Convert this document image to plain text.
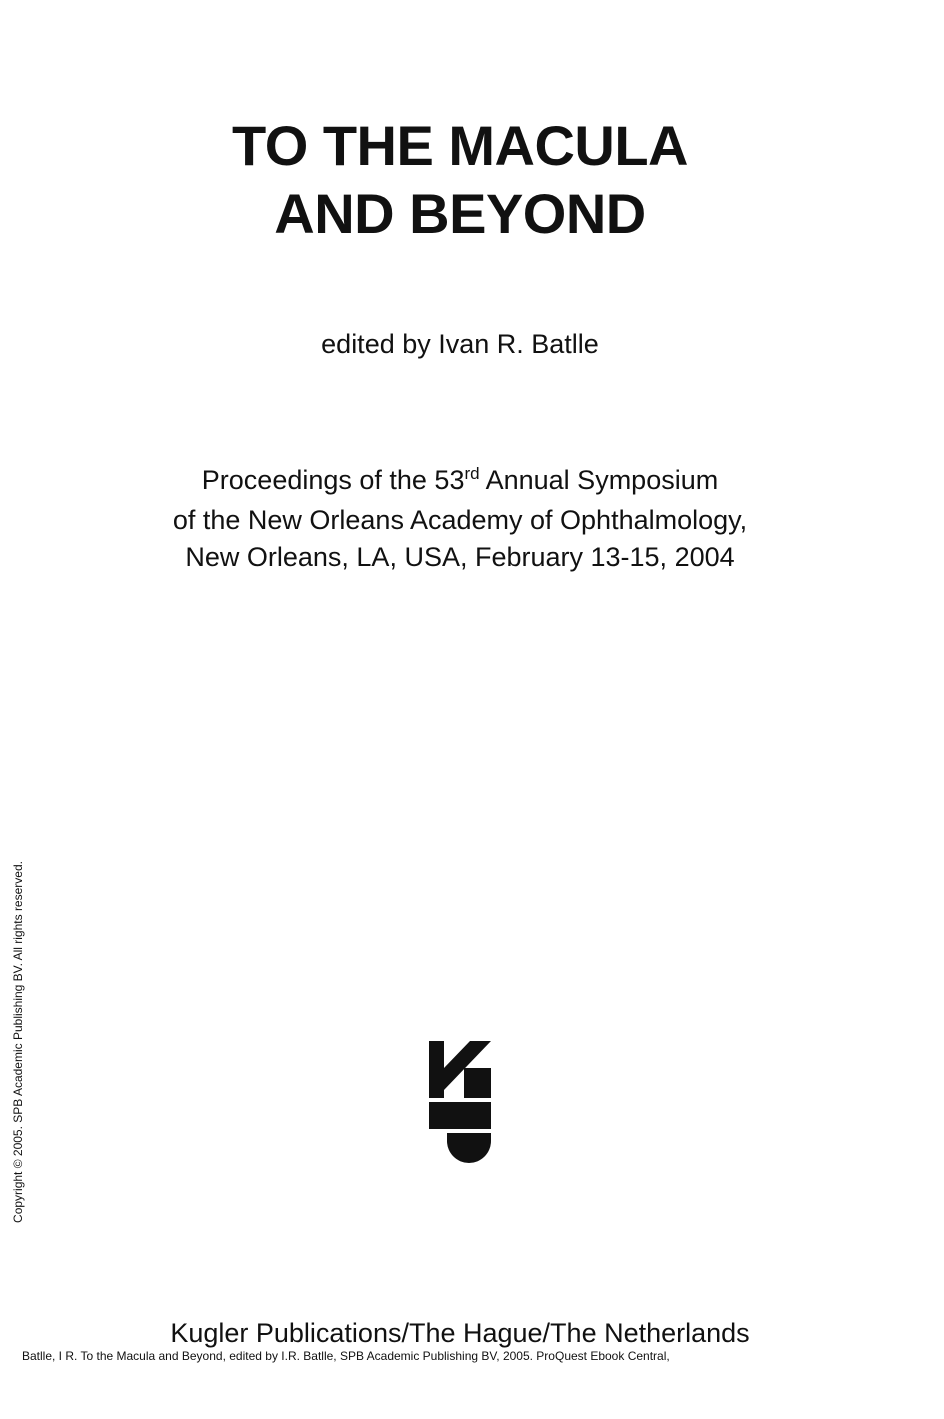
TO THE MACULA
AND BEYOND
edited by Ivan R. Batlle
Proceedings of the 53rd Annual Symposium
of the New Orleans Academy of Ophthalmology,
New Orleans, LA, USA, February 13-15, 2004
Copyright © 2005. SPB Academic Publishing BV. All rights reserved.
Kugler Publications/The Hague/The Netherlands
Batlle, I R. To the Macula and Beyond, edited by I.R. Batlle, SPB Academic Publishing BV, 2005. ProQuest Ebook Central,
